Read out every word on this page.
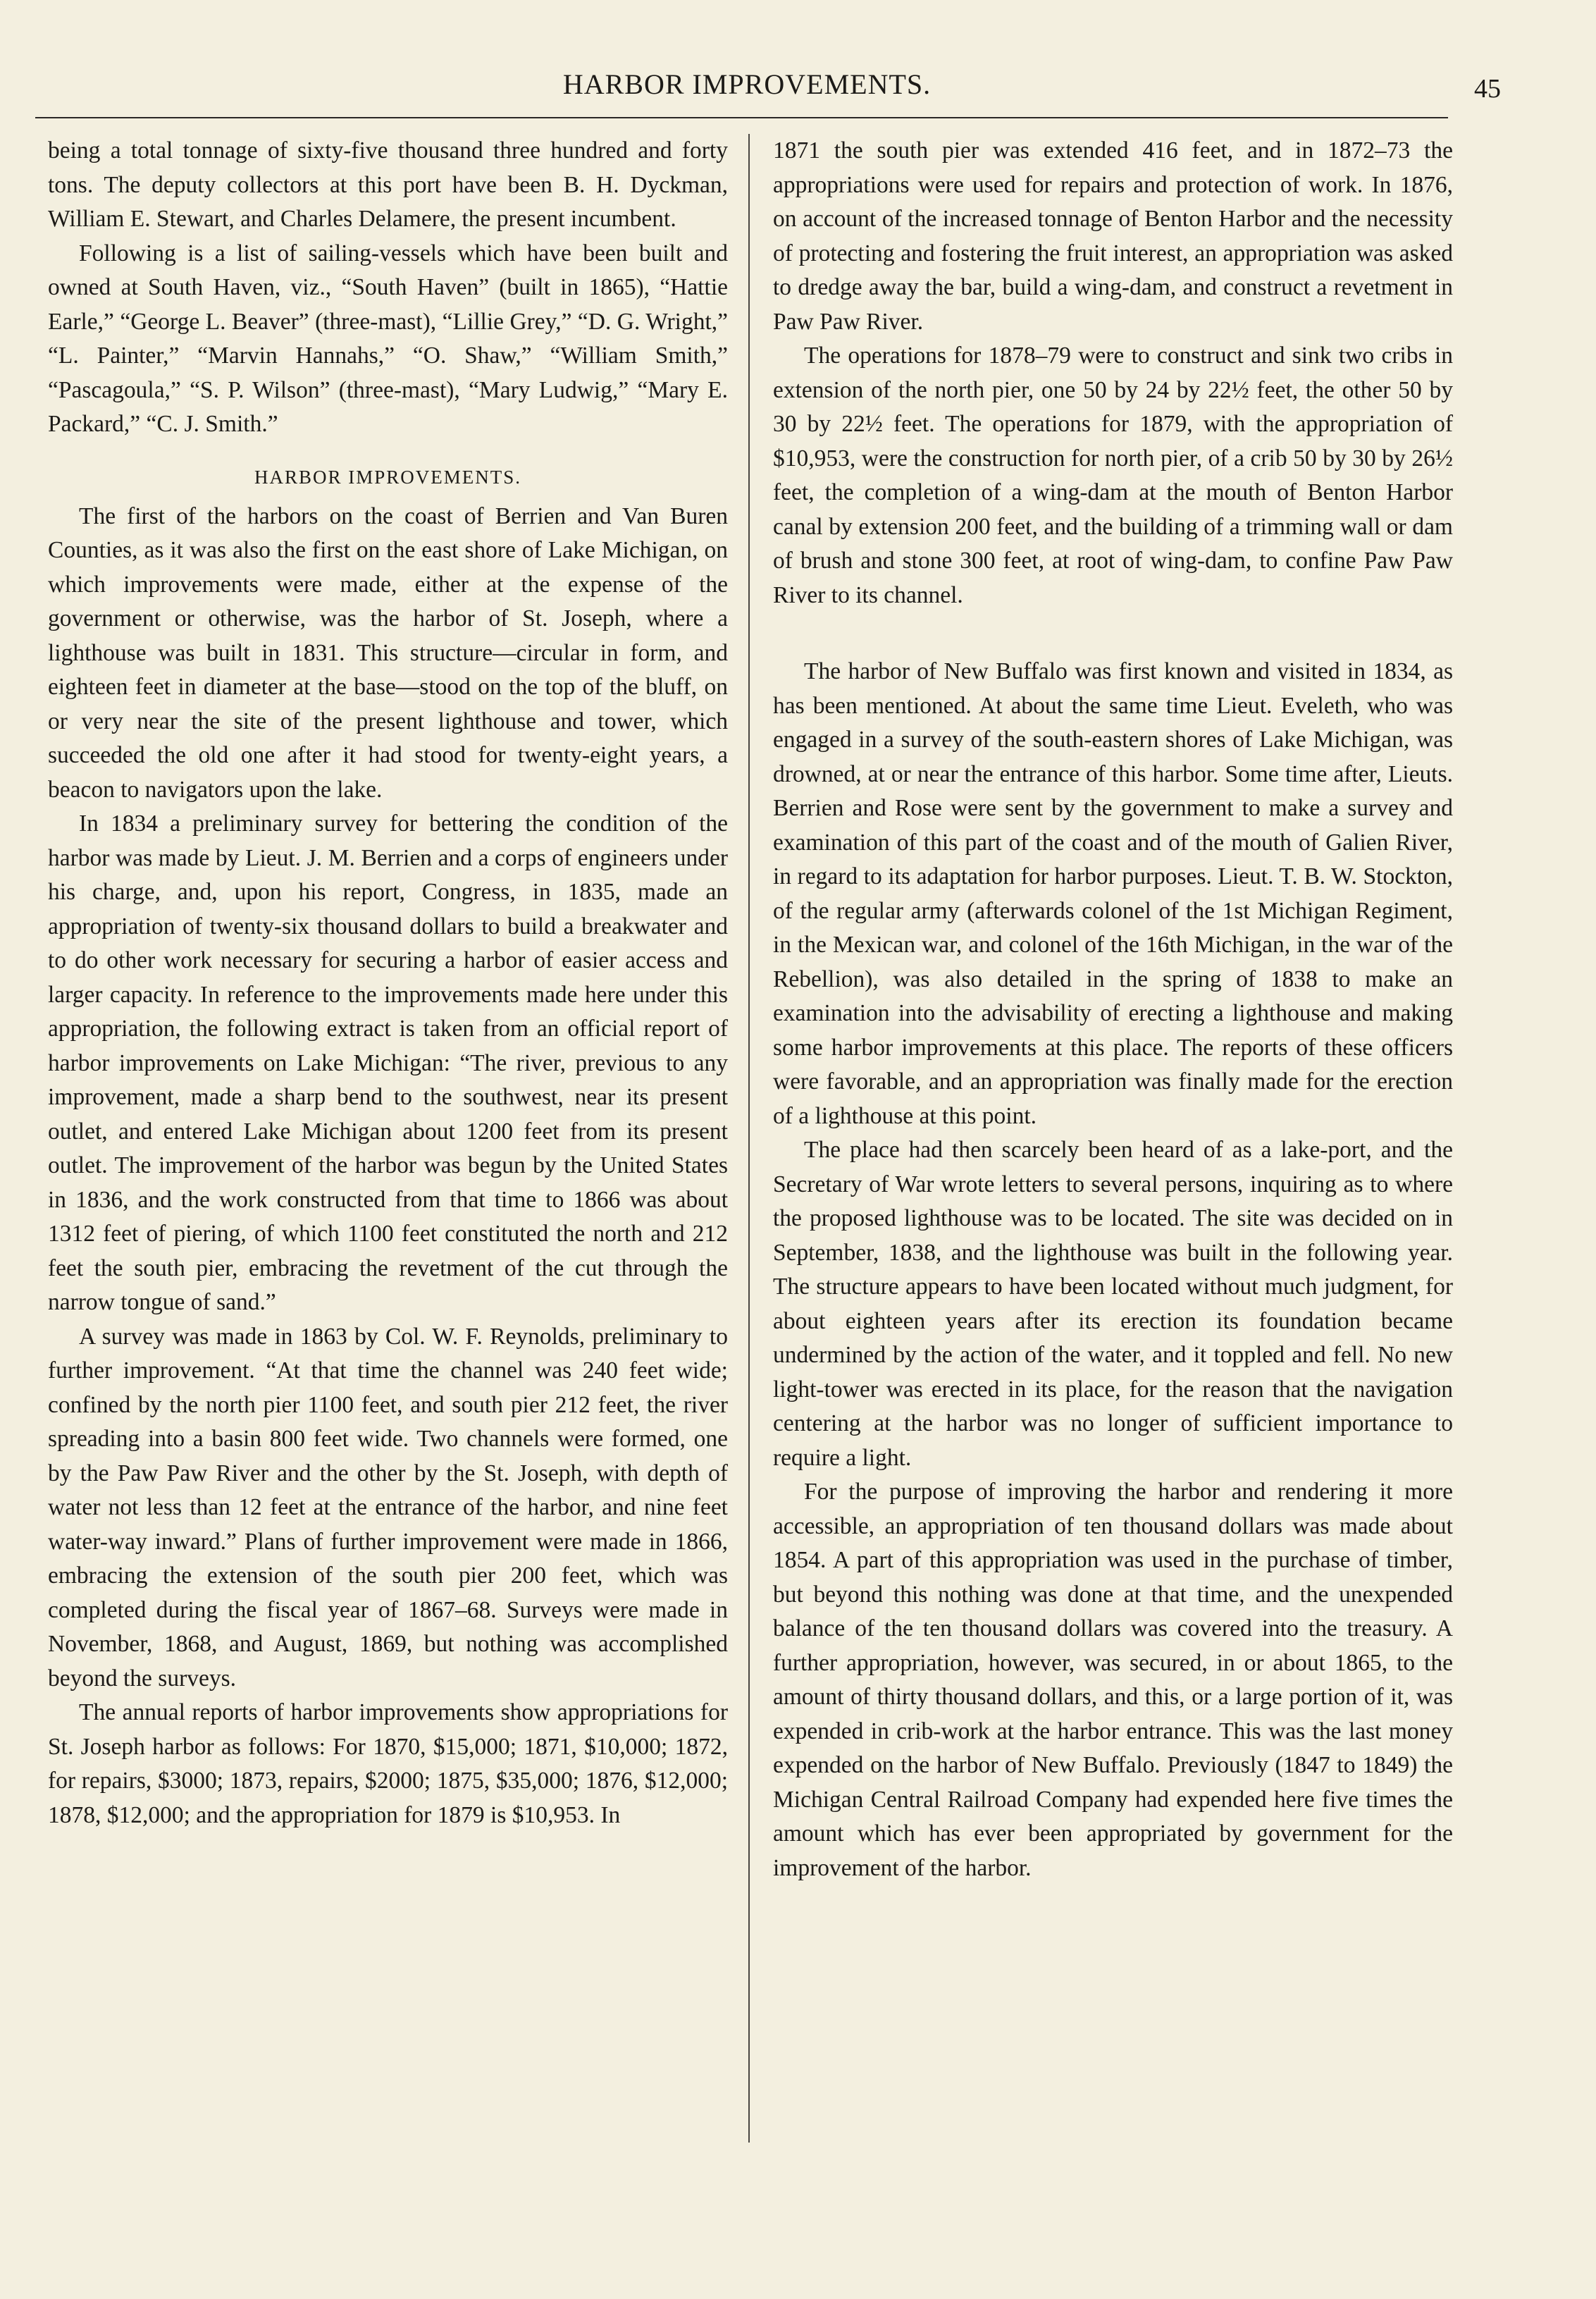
HARBOR IMPROVEMENTS.	45

being a total tonnage of sixty-five thousand three hundred and forty tons. The deputy collectors at this port have been B. H. Dyckman, William E. Stewart, and Charles Delamere, the present incumbent.

Following is a list of sailing-vessels which have been built and owned at South Haven, viz., “South Haven” (built in 1865), “Hattie Earle,” “George L. Beaver” (three-mast), “Lillie Grey,” “D. G. Wright,” “L. Painter,” “Marvin Hannahs,” “O. Shaw,” “William Smith,” “Pascagoula,” “S. P. Wilson” (three-mast), “Mary Ludwig,” “Mary E. Packard,” “C. J. Smith.”

HARBOR IMPROVEMENTS.

The first of the harbors on the coast of Berrien and Van Buren Counties, as it was also the first on the east shore of Lake Michigan, on which improvements were made, either at the expense of the government or otherwise, was the harbor of St. Joseph, where a lighthouse was built in 1831. This structure—circular in form, and eighteen feet in diameter at the base—stood on the top of the bluff, on or very near the site of the present lighthouse and tower, which succeeded the old one after it had stood for twenty-eight years, a beacon to navigators upon the lake.

In 1834 a preliminary survey for bettering the condition of the harbor was made by Lieut. J. M. Berrien and a corps of engineers under his charge, and, upon his report, Congress, in 1835, made an appropriation of twenty-six thousand dollars to build a breakwater and to do other work necessary for securing a harbor of easier access and larger capacity. In reference to the improvements made here under this appropriation, the following extract is taken from an official report of harbor improvements on Lake Michigan: “The river, previous to any improvement, made a sharp bend to the southwest, near its present outlet, and entered Lake Michigan about 1200 feet from its present outlet. The improvement of the harbor was begun by the United States in 1836, and the work constructed from that time to 1866 was about 1312 feet of piering, of which 1100 feet constituted the north and 212 feet the south pier, embracing the revetment of the cut through the narrow tongue of sand.”

A survey was made in 1863 by Col. W. F. Reynolds, preliminary to further improvement. “At that time the channel was 240 feet wide; confined by the north pier 1100 feet, and south pier 212 feet, the river spreading into a basin 800 feet wide. Two channels were formed, one by the Paw Paw River and the other by the St. Joseph, with depth of water not less than 12 feet at the entrance of the harbor, and nine feet water-way inward.” Plans of further improvement were made in 1866, embracing the extension of the south pier 200 feet, which was completed during the fiscal year of 1867–68. Surveys were made in November, 1868, and August, 1869, but nothing was accomplished beyond the surveys.

The annual reports of harbor improvements show appropriations for St. Joseph harbor as follows: For 1870, $15,000; 1871, $10,000; 1872, for repairs, $3000; 1873, repairs, $2000; 1875, $35,000; 1876, $12,000; 1878, $12,000; and the appropriation for 1879 is $10,953. In

1871 the south pier was extended 416 feet, and in 1872–73 the appropriations were used for repairs and protection of work. In 1876, on account of the increased tonnage of Benton Harbor and the necessity of protecting and fostering the fruit interest, an appropriation was asked to dredge away the bar, build a wing-dam, and construct a revetment in Paw Paw River.

The operations for 1878–79 were to construct and sink two cribs in extension of the north pier, one 50 by 24 by 22½ feet, the other 50 by 30 by 22½ feet. The operations for 1879, with the appropriation of $10,953, were the construction for north pier, of a crib 50 by 30 by 26½ feet, the completion of a wing-dam at the mouth of Benton Harbor canal by extension 200 feet, and the building of a trimming wall or dam of brush and stone 300 feet, at root of wing-dam, to confine Paw Paw River to its channel.

The harbor of New Buffalo was first known and visited in 1834, as has been mentioned. At about the same time Lieut. Eveleth, who was engaged in a survey of the south-eastern shores of Lake Michigan, was drowned, at or near the entrance of this harbor. Some time after, Lieuts. Berrien and Rose were sent by the government to make a survey and examination of this part of the coast and of the mouth of Galien River, in regard to its adaptation for harbor purposes. Lieut. T. B. W. Stockton, of the regular army (afterwards colonel of the 1st Michigan Regiment, in the Mexican war, and colonel of the 16th Michigan, in the war of the Rebellion), was also detailed in the spring of 1838 to make an examination into the advisability of erecting a lighthouse and making some harbor improvements at this place. The reports of these officers were favorable, and an appropriation was finally made for the erection of a lighthouse at this point.

The place had then scarcely been heard of as a lake-port, and the Secretary of War wrote letters to several persons, inquiring as to where the proposed lighthouse was to be located. The site was decided on in September, 1838, and the lighthouse was built in the following year. The structure appears to have been located without much judgment, for about eighteen years after its erection its foundation became undermined by the action of the water, and it toppled and fell. No new light-tower was erected in its place, for the reason that the navigation centering at the harbor was no longer of sufficient importance to require a light.

For the purpose of improving the harbor and rendering it more accessible, an appropriation of ten thousand dollars was made about 1854. A part of this appropriation was used in the purchase of timber, but beyond this nothing was done at that time, and the unexpended balance of the ten thousand dollars was covered into the treasury. A further appropriation, however, was secured, in or about 1865, to the amount of thirty thousand dollars, and this, or a large portion of it, was expended in crib-work at the harbor entrance. This was the last money expended on the harbor of New Buffalo. Previously (1847 to 1849) the Michigan Central Railroad Company had expended here five times the amount which has ever been appropriated by government for the improvement of the harbor.
